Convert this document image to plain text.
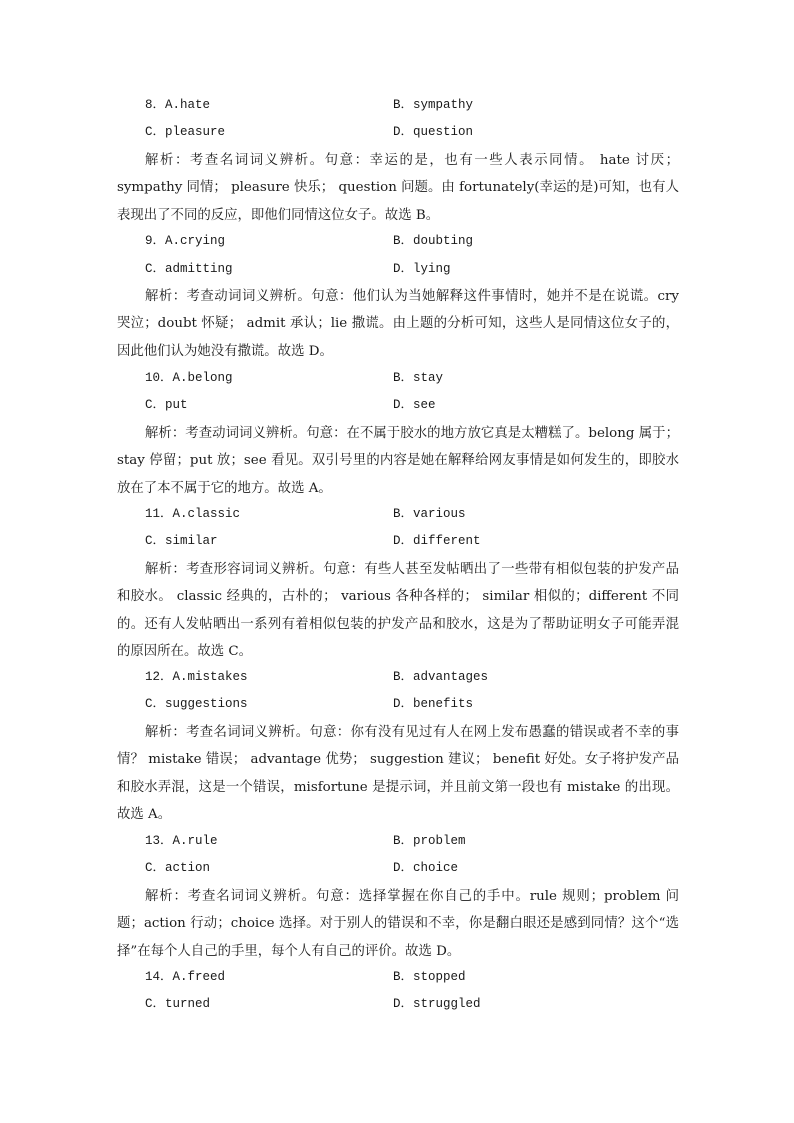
8．A.hate	B．sympathy
C．pleasure	D．question

解析：考查名词词义辨析。句意：幸运的是，也有一些人表示同情。 hate 讨厌；sympathy 同情； pleasure 快乐； question 问题。由 fortunately(幸运的是)可知，也有人表现出了不同的反应，即他们同情这位女子。故选 B。

9．A.crying	B．doubting
C．admitting	D．lying

解析：考查动词词义辨析。句意：他们认为当她解释这件事情时，她并不是在说谎。cry 哭泣；doubt 怀疑； admit 承认；lie 撒谎。由上题的分析可知，这些人是同情这位女子的，因此他们认为她没有撒谎。故选 D。

10．A.belong	B．stay
C．put	D．see

解析：考查动词词义辨析。句意：在不属于胶水的地方放它真是太糟糕了。belong 属于；stay 停留；put 放；see 看见。双引号里的内容是她在解释给网友事情是如何发生的，即胶水放在了本不属于它的地方。故选 A。

11．A.classic	B．various
C．similar	D．different

解析：考查形容词词义辨析。句意：有些人甚至发帖晒出了一些带有相似包装的护发产品和胶水。 classic 经典的，古朴的； various 各种各样的； similar 相似的；different 不同的。还有人发帖晒出一系列有着相似包装的护发产品和胶水，这是为了帮助证明女子可能弄混的原因所在。故选 C。

12．A.mistakes	B．advantages
C．suggestions	D．benefits

解析：考查名词词义辨析。句意：你有没有见过有人在网上发布愚蠢的错误或者不幸的事情？ mistake 错误； advantage 优势； suggestion 建议； benefit 好处。女子将护发产品和胶水弄混，这是一个错误，misfortune 是提示词，并且前文第一段也有 mistake 的出现。故选 A。

13．A.rule	B．problem
C．action	D．choice

解析：考查名词词义辨析。句意：选择掌握在你自己的手中。rule 规则；problem 问题；action 行动；choice 选择。对于别人的错误和不幸，你是翻白眼还是感到同情？这个“选择”在每个人自己的手里，每个人有自己的评价。故选 D。

14．A.freed	B．stopped
C．turned	D．struggled
